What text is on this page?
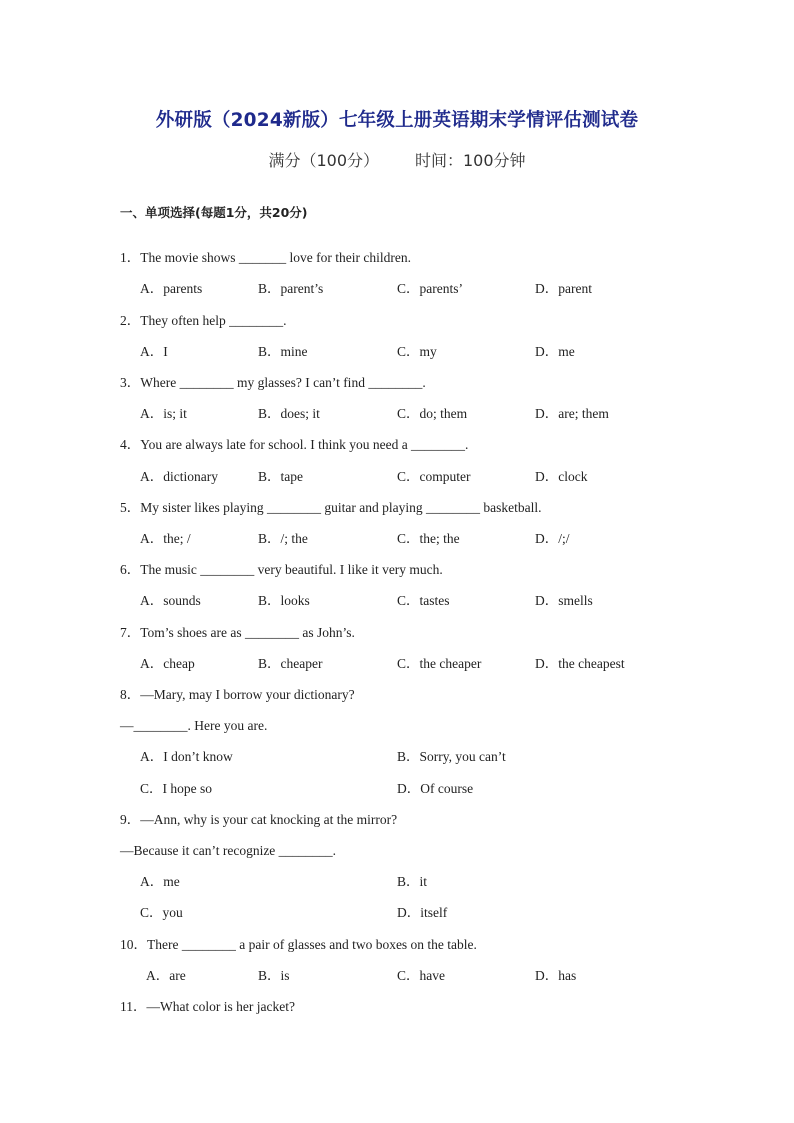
外研版（2024新版）七年级上册英语期末学情评估测试卷
满分（100分） 时间：100分钟
一、单项选择(每题1分，共20分)
1．The movie shows _______ love for their children.
A．parents	B．parent’s	C．parents’	D．parent
2．They often help ________.
A．I	B．mine	C．my	D．me
3．Where ________ my glasses? I can’t find ________.
A．is; it	B．does; it	C．do; them	D．are; them
4．You are always late for school. I think you need a ________.
A．dictionary	B．tape	C．computer	D．clock
5．My sister likes playing ________ guitar and playing ________ basketball.
A．the; /	B．/; the	C．the; the	D．/;/
6．The music ________ very beautiful. I like it very much.
A．sounds	B．looks	C．tastes	D．smells
7．Tom’s shoes are as ________ as John’s.
A．cheap	B．cheaper	C．the cheaper	D．the cheapest
8．—Mary, may I borrow your dictionary?
—________. Here you are.
A．I don’t know	B．Sorry, you can’t
C．I hope so	D．Of course
9．—Ann, why is your cat knocking at the mirror?
—Because it can’t recognize ________.
A．me	B．it
C．you	D．itself
10．There ________ a pair of glasses and two boxes on the table.
A．are	B．is	C．have	D．has
11．—What color is her jacket?
